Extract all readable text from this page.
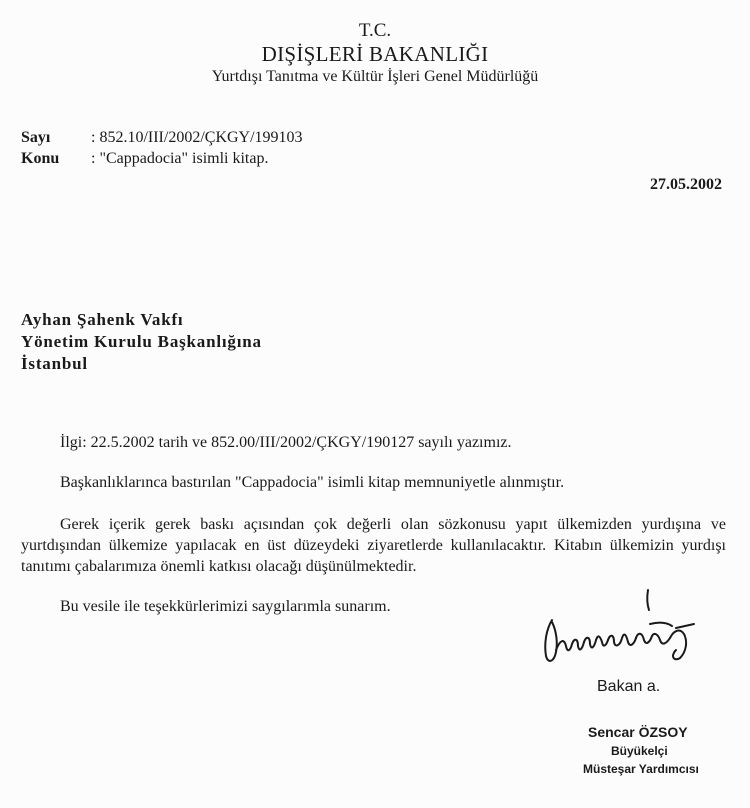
T.C.
DIŞİŞLERİ BAKANLIĞI
Yurtdışı Tanıtma ve Kültür İşleri Genel Müdürlüğü
Sayı	: 852.10/III/2002/ÇKGY/199103
Konu : "Cappadocia" isimli kitap.
27.05.2002
Ayhan Şahenk Vakfı
Yönetim Kurulu Başkanlığına
İstanbul
İlgi: 22.5.2002 tarih ve 852.00/III/2002/ÇKGY/190127 sayılı yazımız.
Başkanlıklarınca bastırılan "Cappadocia" isimli kitap memnuniyetle alınmıştır.
Gerek içerik gerek baskı açısından çok değerli olan sözkonusu yapıt ülkemizden yurdışına ve yurtdışından ülkemize yapılacak en üst düzeydeki ziyaretlerde kullanılacaktır. Kitabın ülkemizin yurdışı tanıtımı çabalarımıza önemli katkısı olacağı düşünülmektedir.
Bu vesile ile teşekkürlerimizi saygılarımla sunarım.
Bakan a.
Sencar ÖZSOY
Büyükelçi
Müsteşar Yardımcısı
